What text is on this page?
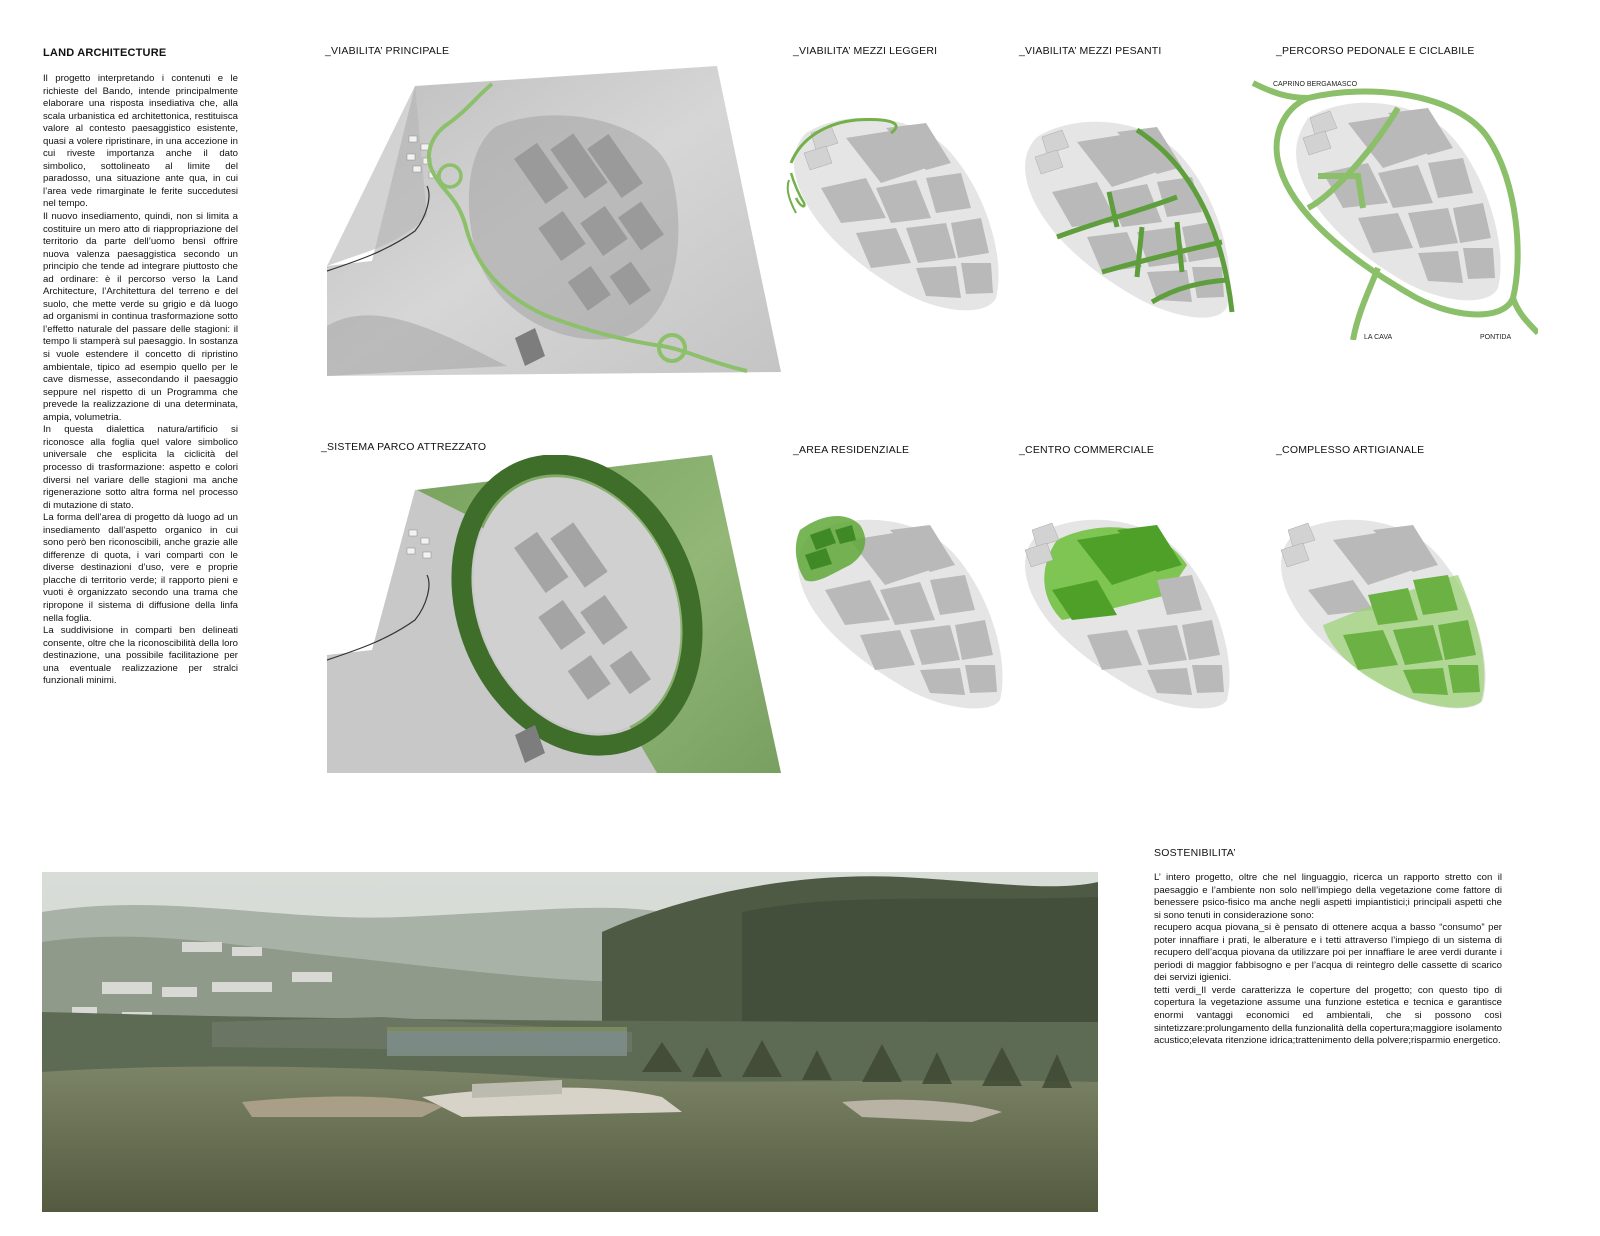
LAND ARCHITECTURE

Il progetto interpretando i contenuti e le richieste del Bando, intende principalmente elaborare una risposta insediativa che, alla scala urbanistica ed architettonica, restituisca valore al contesto paesaggistico esistente, quasi a volere ripristinare, in una accezione in cui riveste importanza anche il dato simbolico, sottolineato al limite del paradosso, una situazione ante qua, in cui l’area vede rimarginate le ferite succedutesi nel tempo.

Il nuovo insediamento, quindi, non si limita a costituire un mero atto di riappropriazione del territorio da parte dell’uomo bensì offrire nuova valenza paesaggistica secondo un principio che tende ad integrare piuttosto che ad ordinare: è il percorso verso la Land Architecture, l’Architettura del terreno e del suolo, che mette verde su grigio e dà luogo ad organismi in continua trasformazione sotto l’effetto naturale del passare delle stagioni: il tempo li stamperà sul paesaggio. In sostanza si vuole estendere il concetto di ripristino ambientale, tipico ad esempio quello per le cave dismesse, assecondando il paesaggio seppure nel rispetto di un Programma che prevede la realizzazione di una determinata, ampia, volumetria.

In questa dialettica natura/artificio si riconosce alla foglia quel valore simbolico universale che esplicita la ciclicità del processo di trasformazione: aspetto e colori diversi nel variare delle stagioni ma anche rigenerazione sotto altra forma nel processo di mutazione di stato.

La forma dell’area di progetto dà luogo ad un insediamento dall’aspetto organico in cui sono però ben riconoscibili, anche grazie alle differenze di quota, i vari comparti con le diverse destinazioni d’uso, vere e proprie placche di territorio verde; il rapporto pieni e vuoti è organizzato secondo una trama che ripropone il sistema di diffusione della linfa nella foglia.

La suddivisione in comparti ben delineati consente, oltre che la riconoscibilità della loro destinazione, una possibile facilitazione per una eventuale realizzazione per stralci funzionali minimi.

_VIABILITA’ PRINCIPALE	_VIABILITA’ MEZZI LEGGERI	_VIABILITA’ MEZZI PESANTI	_PERCORSO PEDONALE E CICLABILE
_SISTEMA PARCO ATTREZZATO	_AREA RESIDENZIALE	_CENTRO COMMERCIALE	_COMPLESSO ARTIGIANALE
CAPRINO BERGAMASCO
LA CAVA	PONTIDA
SOSTENIBILITA’

L’ intero progetto, oltre che nel linguaggio, ricerca un rapporto stretto con il paesaggio e l’ambiente non solo nell’impiego della vegetazione come fattore di benessere psico-fisico ma anche negli aspetti impiantistici;i principali aspetti che si sono tenuti in considerazione sono:

recupero acqua piovana_si è pensato di ottenere acqua a basso “consumo” per poter innaffiare i prati, le alberature e i tetti attraverso l’impiego di un sistema di recupero dell’acqua piovana da utilizzare poi per innaffiare le aree verdi durante i periodi di maggior fabbisogno e per l’acqua di reintegro delle cassette di scarico dei servizi igienici.

tetti verdi_Il verde caratterizza le coperture del progetto; con questo tipo di copertura la vegetazione assume una funzione estetica e tecnica e garantisce enormi vantaggi economici ed ambientali, che si possono così sintetizzare:prolungamento della funzionalità della copertura;maggiore isolamento acustico;elevata ritenzione idrica;trattenimento della polvere;risparmio energetico.
